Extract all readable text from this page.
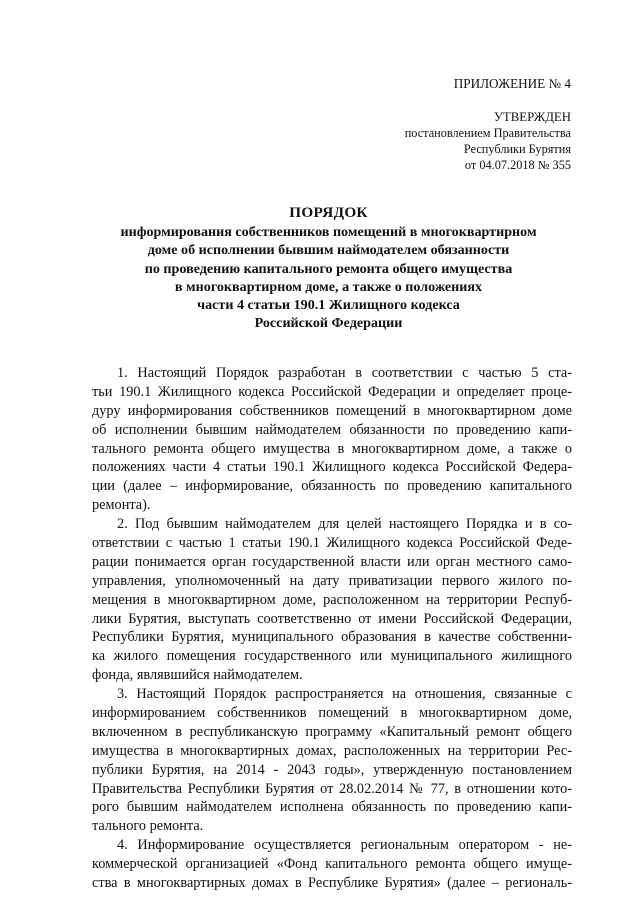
ПРИЛОЖЕНИЕ № 4
УТВЕРЖДЕН
постановлением Правительства
Республики Бурятия
от 04.07.2018 № 355
ПОРЯДОК
информирования собственников помещений в многоквартирном
доме об исполнении бывшим наймодателем обязанности
по проведению капитального ремонта общего имущества
в многоквартирном доме, а также о положениях
части 4 статьи 190.1 Жилищного кодекса
Российской Федерации
1. Настоящий Порядок разработан в соответствии с частью 5 ста-
тьи 190.1 Жилищного кодекса Российской Федерации и определяет проце-
дуру информирования собственников помещений в многоквартирном доме
об исполнении бывшим наймодателем обязанности по проведению капи-
тального ремонта общего имущества в многоквартирном доме, а также о
положениях части 4 статьи 190.1 Жилищного кодекса Российской Федера-
ции (далее – информирование, обязанность по проведению капитального
ремонта).
2. Под бывшим наймодателем для целей настоящего Порядка и в со-
ответствии с частью 1 статьи 190.1 Жилищного кодекса Российской Феде-
рации понимается орган государственной власти или орган местного само-
управления, уполномоченный на дату приватизации первого жилого по-
мещения в многоквартирном доме, расположенном на территории Респуб-
лики Бурятия, выступать соответственно от имени Российской Федерации,
Республики Бурятия, муниципального образования в качестве собственни-
ка жилого помещения государственного или муниципального жилищного
фонда, являвшийся наймодателем.
3. Настоящий Порядок распространяется на отношения, связанные с
информированием собственников помещений в многоквартирном доме,
включенном в республиканскую программу «Капитальный ремонт общего
имущества в многоквартирных домах, расположенных на территории Рес-
публики Бурятия, на 2014 - 2043 годы», утвержденную постановлением
Правительства Республики Бурятия от 28.02.2014 № 77, в отношении кото-
рого бывшим наймодателем исполнена обязанность по проведению капи-
тального ремонта.
4. Информирование осуществляется региональным оператором - не-
коммерческой организацией «Фонд капитального ремонта общего имуще-
ства в многоквартирных домах в Республике Бурятия» (далее – региональ-
